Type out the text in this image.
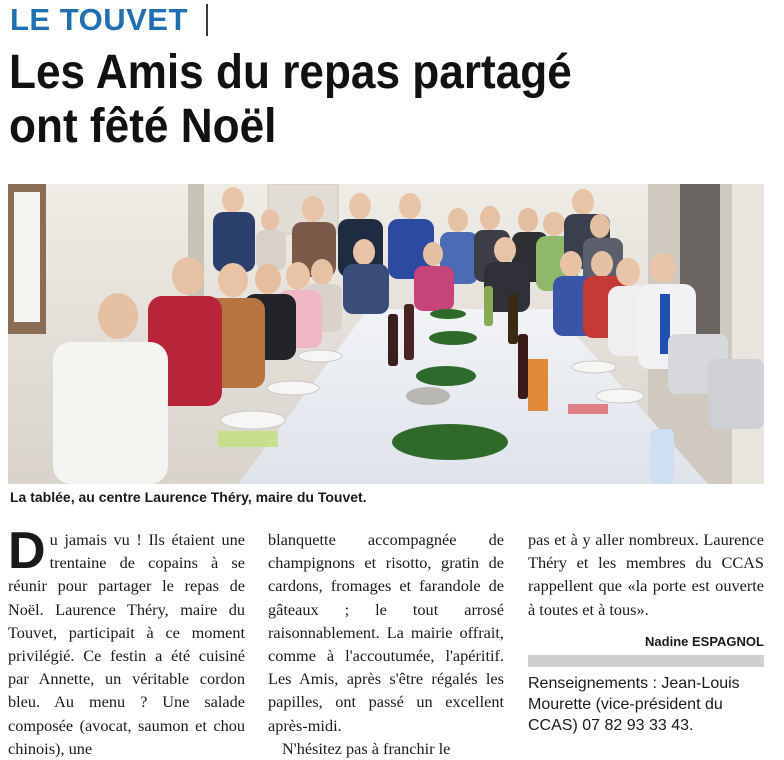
LE TOUVET
Les Amis du repas partagé
ont fêté Noël
La tablée, au centre Laurence Théry, maire du Touvet.

Du jamais vu ! Ils étaient une trentaine de copains à se réunir pour partager le repas de Noël. Laurence Théry, maire du Touvet, participait à ce moment privilégié. Ce festin a été cuisiné par Annette, un véritable cordon bleu. Au menu ? Une salade composée (avocat, saumon et chou chinois), une

blanquette accompagnée de champignons et risotto, gratin de cardons, fromages et farandole de gâteaux ; le tout arrosé raisonnablement. La mairie offrait, comme à l'accoutumée, l'apéritif. Les Amis, après s'être régalés les papilles, ont passé un excellent après-midi.

N'hésitez pas à franchir le

pas et à y aller nombreux. Laurence Théry et les membres du CCAS rappellent que «la porte est ouverte à toutes et à tous».

Nadine ESPAGNOL
Renseignements : Jean-Louis Mourette (vice-président du CCAS) 07 82 93 33 43.
